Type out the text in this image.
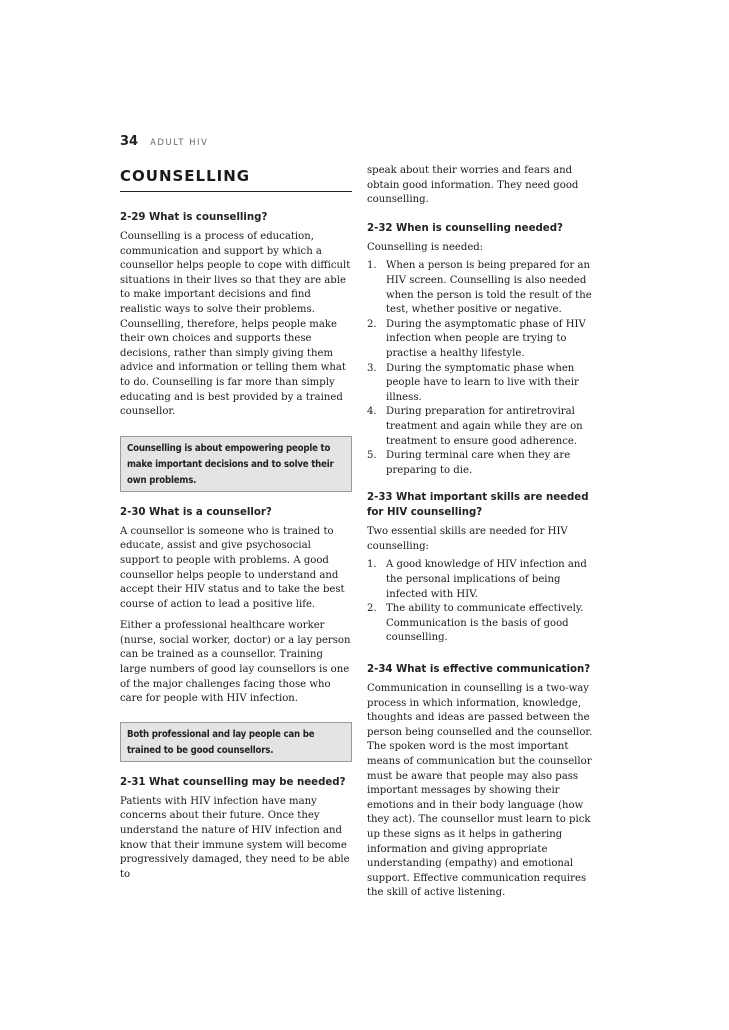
34 ADULT HIV
COUNSELLING
2-29 What is counselling?

Counselling is a process of education, communication and support by which a counsellor helps people to cope with difficult situations in their lives so that they are able to make important decisions and find realistic ways to solve their problems. Counselling, therefore, helps people make their own choices and supports these decisions, rather than simply giving them advice and information or telling them what to do. Counselling is far more than simply educating and is best provided by a trained counsellor.

Counselling is about empowering people to make important decisions and to solve their own problems.
2-30 What is a counsellor?

A counsellor is someone who is trained to educate, assist and give psychosocial support to people with problems. A good counsellor helps people to understand and accept their HIV status and to take the best course of action to lead a positive life.

Either a professional healthcare worker (nurse, social worker, doctor) or a lay person can be trained as a counsellor. Training large numbers of good lay counsellors is one of the major challenges facing those who care for people with HIV infection.

Both professional and lay people can be trained to be good counsellors.
2-31 What counselling may be needed?

Patients with HIV infection have many concerns about their future. Once they understand the nature of HIV infection and know that their immune system will become progressively damaged, they need to be able to

speak about their worries and fears and obtain good information. They need good counselling.

2-32 When is counselling needed?

Counselling is needed:

1. When a person is being prepared for an HIV screen. Counselling is also needed when the person is told the result of the test, whether positive or negative.
2. During the asymptomatic phase of HIV infection when people are trying to practise a healthy lifestyle.
3. During the symptomatic phase when people have to learn to live with their illness.
4. During preparation for antiretroviral treatment and again while they are on treatment to ensure good adherence.
5. During terminal care when they are preparing to die.
2-33 What important skills are needed for HIV counselling?

Two essential skills are needed for HIV counselling:

1. A good knowledge of HIV infection and the personal implications of being infected with HIV.
2. The ability to communicate effectively. Communication is the basis of good counselling.
2-34 What is effective communication?

Communication in counselling is a two-way process in which information, knowledge, thoughts and ideas are passed between the person being counselled and the counsellor. The spoken word is the most important means of communication but the counsellor must be aware that people may also pass important messages by showing their emotions and in their body language (how they act). The counsellor must learn to pick up these signs as it helps in gathering information and giving appropriate understanding (empathy) and emotional support. Effective communication requires the skill of active listening.
